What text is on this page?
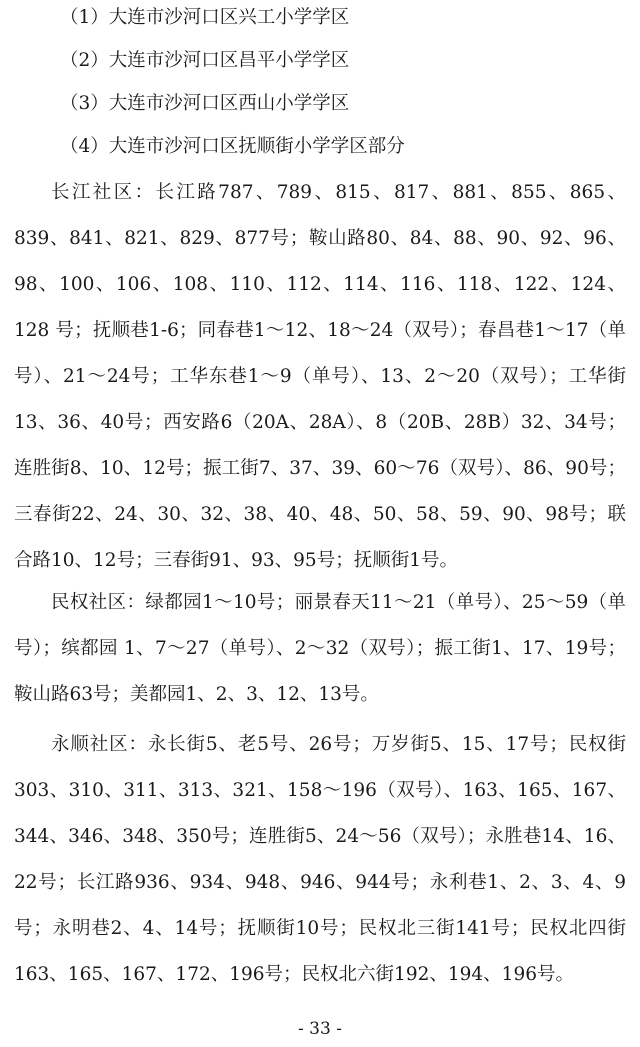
（1）大连市沙河口区兴工小学学区
（2）大连市沙河口区昌平小学学区
（3）大连市沙河口区西山小学学区
（4）大连市沙河口区抚顺街小学学区部分

长江社区：长江路787、789、815、817、881、855、865、839、841、821、829、877号；鞍山路80、84、88、90、92、96、98、100、106、108、110、112、114、116、118、122、124、128 号；抚顺巷1-6；同春巷1～12、18～24（双号）；春昌巷1～17（单号）、21～24号；工华东巷1～9（单号）、13、2～20（双号）；工华街13、36、40号；西安路6（20A、28A）、8（20B、28B）32、34号；连胜街8、10、12号；振工街7、37、39、60～76（双号）、86、90号；三春街22、24、30、32、38、40、48、50、58、59、90、98号；联合路10、12号；三春街91、93、95号；抚顺街1号。

民权社区：绿都园1～10号；丽景春天11～21（单号）、25～59（单号）；缤都园 1、7～27（单号）、2～32（双号）；振工街1、17、19号；鞍山路63号；美都园1、2、3、12、13号。

永顺社区：永长街5、老5号、26号；万岁街5、15、17号；民权街303、310、311、313、321、158～196（双号）、163、165、167、344、346、348、350号；连胜街5、24～56（双号）；永胜巷14、16、22号；长江路936、934、948、946、944号；永利巷1、2、3、4、9号；永明巷2、4、14号；抚顺街10号；民权北三街141号；民权北四街163、165、167、172、196号；民权北六街192、194、196号。

- 33 -
